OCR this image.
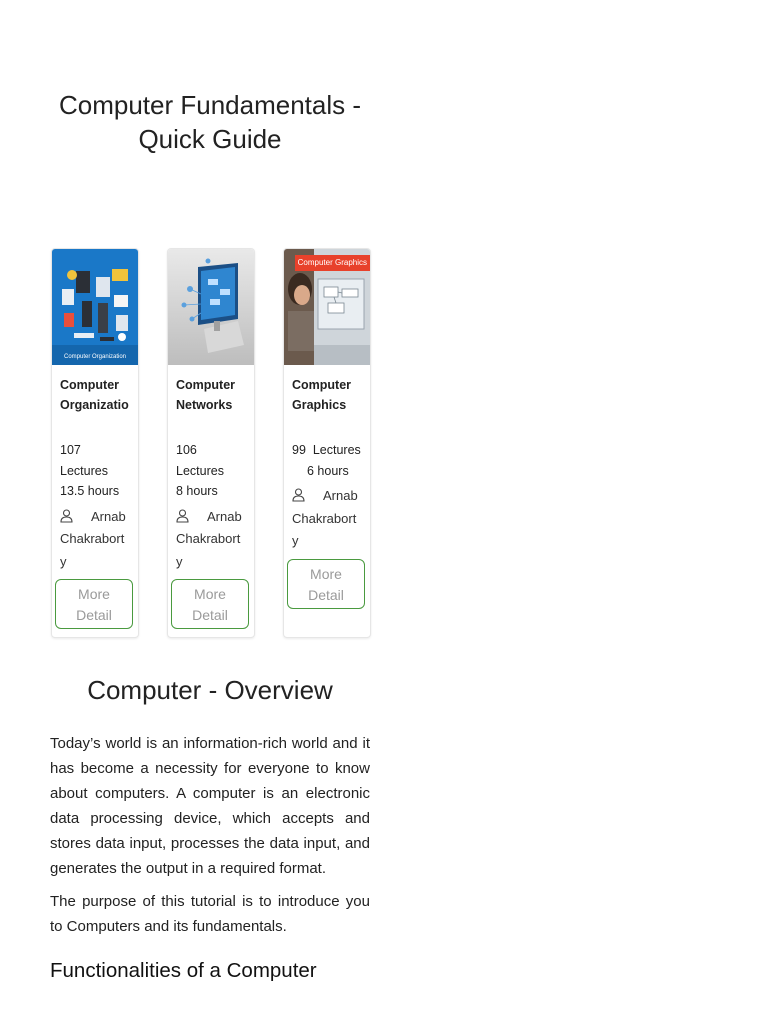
Computer Fundamentals -
Quick Guide
Computer Organization
Computer
Organizatio
107
Lectures
13.5 hours
Arnab
Chakraborty
More
Detail
Computer
Networks
106
Lectures
8 hours
Arnab
Chakraborty
More
Detail
Computer Graphics
Computer
Graphics
99  Lectures
6 hours
Arnab
Chakraborty
More
Detail
Computer - Overview

Today’s world is an information-rich world and it has become a necessity for everyone to know about computers. A computer is an electronic data processing device, which accepts and stores data input, processes the data input, and generates the output in a required format.

The purpose of this tutorial is to introduce you to Computers and its fundamentals.

Functionalities of a Computer
